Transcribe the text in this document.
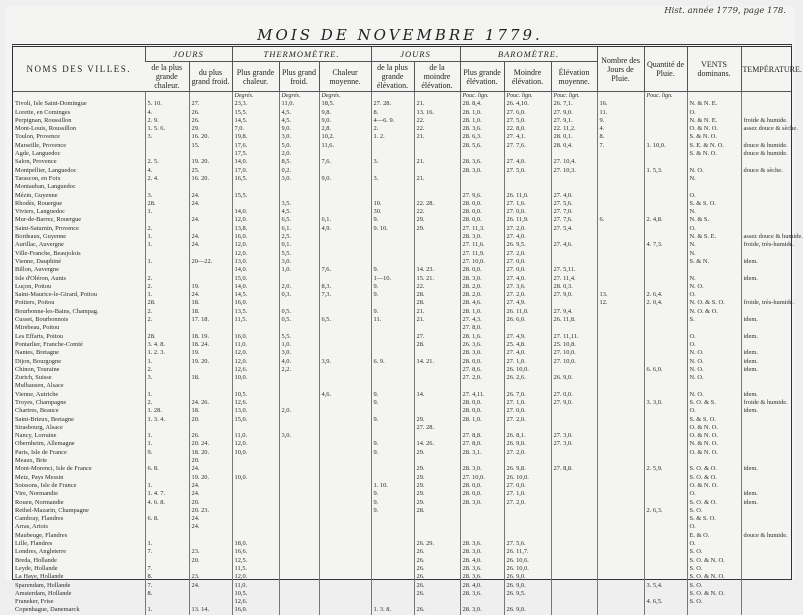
Hist. année 1779, page 178.
MOIS DE NOVEMBRE 1779.
NOMS DES VILLES.	JOURS		THERMOMÈTRE.			JOURS		BAROMÈTRE.			Nombre des Jours de Pluie.	Quantité de Pluie.	VENTS dominans.	TEMPÉRATURE.
	de la plus grande chaleur.	du plus grand froid.	Plus grande chaleur.	Plus grand froid.	Chaleur moyenne.	de la plus grande élévation.	de la moindre élévation.	Plus grande élévation.	Moindre élévation.	Élévation moyenne.				
			Degrés.	Degrés.	Degrés.			Pouc. lign.	Pouc. lign.	Pouc. lign.		Pouc. lign.		
Tivoli, Isle Saint-Domingue	5. 10.	27.	23,3.	11,0.	18,5.	27. 28.	21.	28. 8,4.	26. 4,10.	26. 7,1.	16.		N. & N. E.	
Lorette, en Cominges	4.	26.	15,5.	4,5.	9,8.	8.	13. 16.	28. 1,0.	27. 6,0.	27. 9,0.	11.		O.	
Perpignan, Roussillon	2. 9.	26.	14,5.	4,5.	9,0.	4—6. 9.	22.	28. 1,0.	27. 5,0.	27. 9,1.	9.		N. & N. E.	froide & humide.
Mont-Louis, Roussillon	1. 5. 6.	29.	7,0.	9,0.	2,8.	2.	22.	28. 3,6.	22. 8,0.	22. 11,2.	4.		O. & N. O.	assez douce & sèche.
Toulon, Provence	3.	16. 20.	19,8.	3,0.	10,2.	1. 2.	21.	28. 6,3.	27. 4,1.	28. 0,1.	8.		S. & N. O.	
Marseille, Provence		15.	17,6.	5,0.	11,6.			28. 5,6.	27. 7,6.	28. 0,4.	7.	1. 10,0.	S. E. & N. O.	douce & humide.
Agde, Languedoc			17,5.	2,0.									S. & N. O.	douce & humide.
Salon, Provence	2. 5.	19. 20.	14,0.	8,5.	7,6.	3.	21.	28. 3,6.	27. 4,0.	27. 10,4.				
Montpellier, Languedoc	4.	25.	17,0.	0,2.				28. 3,0.	27. 5,0.	27. 10,3.		1. 5,3.	N. O.	douce & sèche.
Tarascon, en Foix	2. 4.	16. 20.	16,5.	3,0.	9,0.	3.	21.						N.	
Montauban, Languedoc														
Mézin, Guyenne	3.	24.	15,5.					27. 9,6.	26. 11,0.	27. 4,0.			O.	
Rhodès, Rouergue	28.	24.		3,5.		10.	22. 28.	28. 0,0.	27. 1,6.	27. 5,6.			S. & S. O.	
Viviers, Languedoc	1.		14,0.	4,5.		30.	22.	28. 0,0.	27. 0,0.	27. 7,0.			N.	
Mur-de-Barrez, Rouergue		24.	12,0.	6,5.	6,1.	9.	29.	28. 0,0.	26. 11,9.	27. 7,6.	6.	2. 4,8.	N. & S.	
Saint-Saturnin, Provence	2.		13,8.	6,1.	4,9.	9. 10.	29.	27. 11,3.	27. 2,0.	27. 5,4.			O.	
Bordeaux, Guyenne	1.	24.	16,0.	2,5.				28. 3,0.	27. 4,0.				N. & S. E.	assez douce & humide.
Aurillac, Auvergne	1.	24.	12,0.	0,1.				27. 11,6.	26. 9,5.	27. 4,6.		4. 7,3.	N.	froide, très-humide.
Ville-Franche, Beaujolois			12,0.	5,5.				27. 11,9.	27. 2,0.				N.	
Vienne, Dauphiné	1.	20—22.	13,0.	3,0.				27. 10,0.	27. 0,0.				S. & N.	idem.
Billon, Auvergne			14,0.	1,0.	7,6.	9.	14. 23.	28. 0,0.	27. 0,0.	27. 5,11.				
Isle d'Oléron, Aunis	2.		15,0.			1—10.	15. 21.	28. 3,0.	27. 4,0.	27. 11,4.			N.	idem.
Luçon, Poitou	2.	19.	14,0.	2,0.	8,3.	9.	22.	28. 2,0.	27. 3,6.	28. 0,3.			N. O.	
Saint-Maurice-le-Girard, Poitou	1.	24.	14,5.	0,3.	7,3.	9.	28.	28. 2,0.	27. 2,0.	27. 9,0.	13.	2. 6,4.	O.	
Poitiers, Poitou	28.	18.	16,0.				28.	28. 4,6.	27. 4,9.		12.	2. 0,4.	N. O. & S. O.	froide, très-humide.
Bourbonne-les-Bains, Champag.	2.	18.	13,5.	0,5.		9.	21.	28. 1,0.	26. 11,0.	27. 9,4.			N. O. & O.	
Cusset, Bourbonnois	2.	17. 18.	11,5.	0,5.	6,5.	11.	21.	27. 4,3.	26. 6,0.	26. 11,8.			S.	idem.
Mirebeau, Poitou								27. 8,0.						
Les Effarts, Poitou	28.	18. 19.	16,0.	5,5.			27.	28. 1,6.	27. 4,9.	27. 11,11.			O.	idem.
Pontarlier, Franche-Comté	3. 4. 8.	18. 24.	11,0.	1,0.			28.	26. 3,6.	25. 4,8.	25. 10,8.			O.	
Nantes, Bretagne	1. 2. 3.	19.	12,0.	3,0.				28. 3,0.	27. 4,0.	27. 10,0.			N. O.	idem.
Dijon, Bourgogne	1.	19. 20.	12,0.	4,0.	3,9.	6. 9.	14. 21.	28. 0,0.	27. 1,0.	27. 10,0.			N. O.	idem.
Chinon, Touraine	2.		12,6.	2,2.				27. 8,6.	26. 10,0.			6. 6,0.	N. O.	idem.
Zurich, Suisse	3.	18.	10,0.					27. 2,0.	26. 2,6.	26. 9,0.			N. O.	
Mulhausen, Alsace														
Vienne, Autriche	1.		10,5.		4,6.	9.	14.	27. 4,11.	26. 7,0.	27. 0,0.			N. O.	idem.
Troyes, Champagne	2.	24. 26.	12,6.			9.		28. 0,0.	27. 1,0.	27. 9,0.		3. 3,0.	S. O. & S.	froide & humide.
Chartres, Beauce	1. 28.	18.	13,0.	2,0.				28. 0,0.	27. 0,0.				O.	idem.
Saint-Brieux, Bretagne	1. 3. 4.	20.	15,0.			9.	29.	28. 1,0.	27. 2,0.				S. & S. O.	
Strasbourg, Alsace							27. 28.						O. & N. O.	
Nancy, Lorraine	1.	26.	11,0.	3,0.				27. 8,8.	26. 8,1.	27. 3,0.			O. & N. O.	
Obernheim, Allemagne	1.	20. 24.	12,0.			9.	14. 26.	27. 8,0.	26. 9,0.	27. 3,0.			N. & N. O.	
Paris, Isle de France	9.	18. 20.	10,0.			9.	29.	28. 3,1.	27. 2,0.				O. & N. O.	
Meaux, Brie		20.												
Mont-Morenci, Isle de France	6. 8.	24.					29.	28. 3,0.	26. 9,8.	27. 8,8.		2. 5,9.	S. O. & O.	idem.
Metz, Pays Messin		19. 20.	10,0.				29.	27. 10,0.	26. 10,0.				S. O. & O.	
Soissons, Isle de France	1.	24.				1. 10.	29.	28. 0,0.	27. 0,0.				O. & N. O.	
Vire, Normandie	1. 4. 7.	24.				9.	29.	28. 0,0.	27. 1,0.				O.	idem.
Rouen, Normandie	4. 6. 8.	20.				9.	29.	28. 3,0.	27. 2,0.				S. O. & O.	idem.
Rethel-Mazarin, Champagne		20. 23.				9.	28.					2. 6,3.	S. O.	
Cambray, Flandres	6. 8.	24.											S. & S. O.	
Arras, Artois		24.											O.	
Maubeuge, Flandres													E. & O.	douce & humide.
Lille, Flandres	1.		18,0.				26. 29.	28. 3,6.	27. 5,6.				O.	
Londres, Angleterre	7.	23.	16,6.				26.	28. 3,0.	26. 11,7.				S. O.	
Breda, Hollande		20.	12,5.				26.	28. 4,0.	26. 10,6.				S. O. & N. O.	
Leyde, Hollande	7.		11,5.				26.	28. 3,6.	26. 10,0.				S. O.	
La Haye, Hollande	8.	23.	12,0.				26.	28. 3,6.	26. 9,0.				S. O. & N. O.	
Sparendam, Hollande	7.	24.	11,0.				26.	28. 4,0.	26. 9,0.			3. 5,4.	S. O.	
Amsterdam, Hollande	8.		10,5.				26.	28. 3,6.	26. 9,5.				S. O. & N. O.	
Franeker, Frise			12,6.									4. 6,5.	S. O.	
Copenhague, Danemarck	1.	13. 14.	16,0.			1. 3. 8.	26.	28. 3,0.	26. 9,0.					
